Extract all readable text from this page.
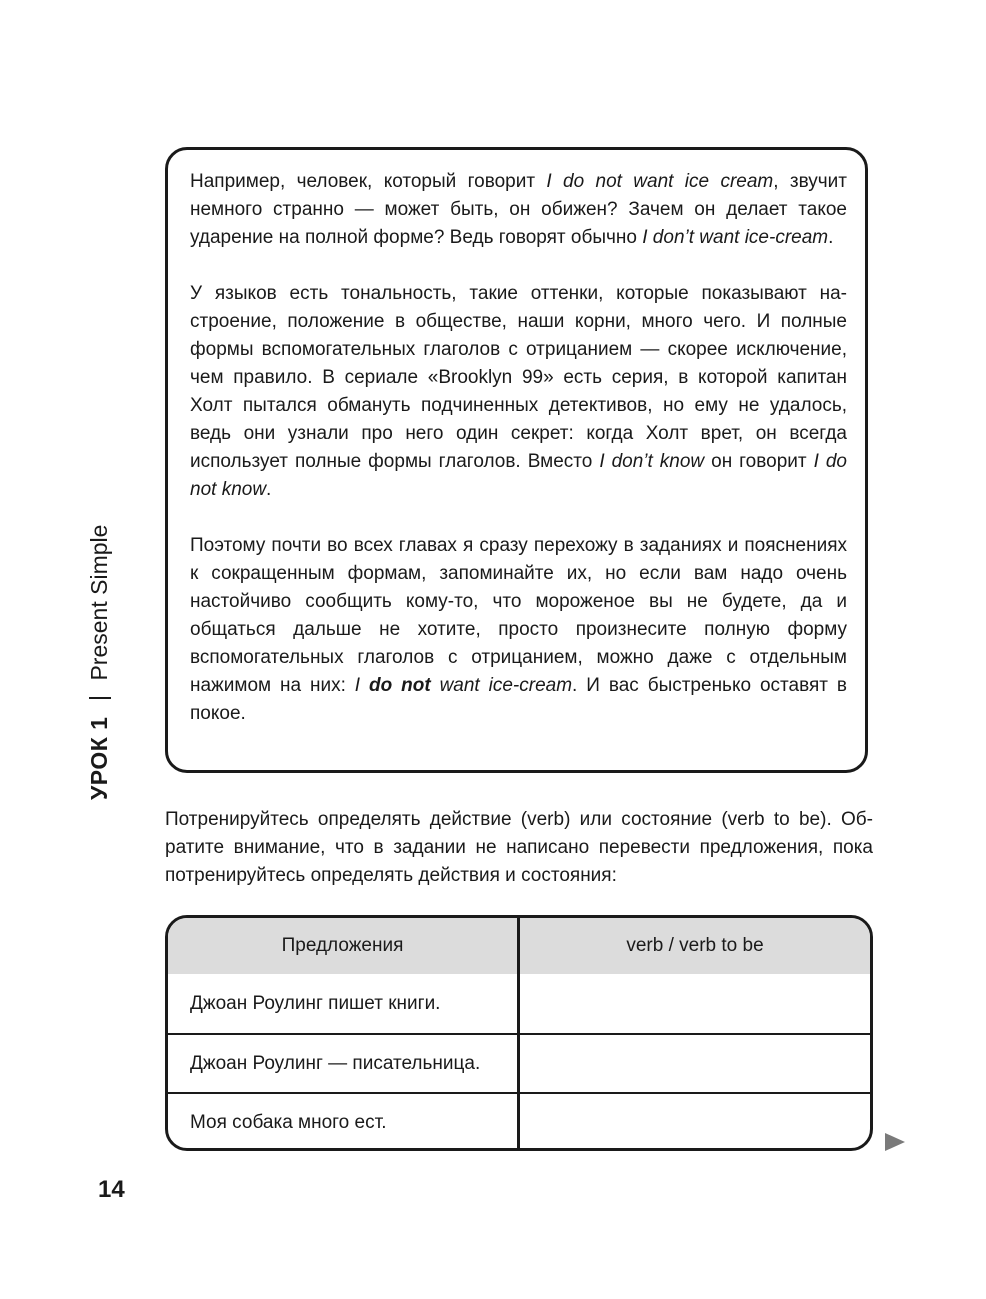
УРОК 1
Present Simple

Например, человек, который говорит I do not want ice cream, звучит немного странно — может быть, он обижен? Зачем он делает такое ударение на полной форме? Ведь говорят обычно I don’t want ice-cream.

У языков есть тональность, такие оттенки, которые показывают настроение, положение в обществе, наши корни, много чего. И полные формы вспомогательных глаголов с отрицанием — скорее исключение, чем правило. В сериале «Brooklyn 99» есть серия, в которой капитан Холт пытался обмануть подчиненных детективов, но ему не удалось, ведь они узнали про него один секрет: когда Холт врет, он всегда использует полные формы глаголов. Вместо I don’t know он говорит I do not know.

Поэтому почти во всех главах я сразу перехожу в заданиях и пояснениях к сокращенным формам, запоминайте их, но если вам надо очень настойчиво сообщить кому-то, что мороженое вы не будете, да и общаться дальше не хотите, просто произнесите полную форму вспомогательных глаголов с отрицанием, можно даже с отдельным нажимом на них: I do not want ice-cream. И вас быстренько оставят в покое.

Потренируйтесь определять действие (verb) или состояние (verb to be). Обратите внимание, что в задании не написано перевести предложения, пока потренируйтесь определять действия и состояния:

Предложения	verb / verb to be
Джоан Роулинг пишет книги.
Джоан Роулинг — писательница.
Моя собака много ест.
14
